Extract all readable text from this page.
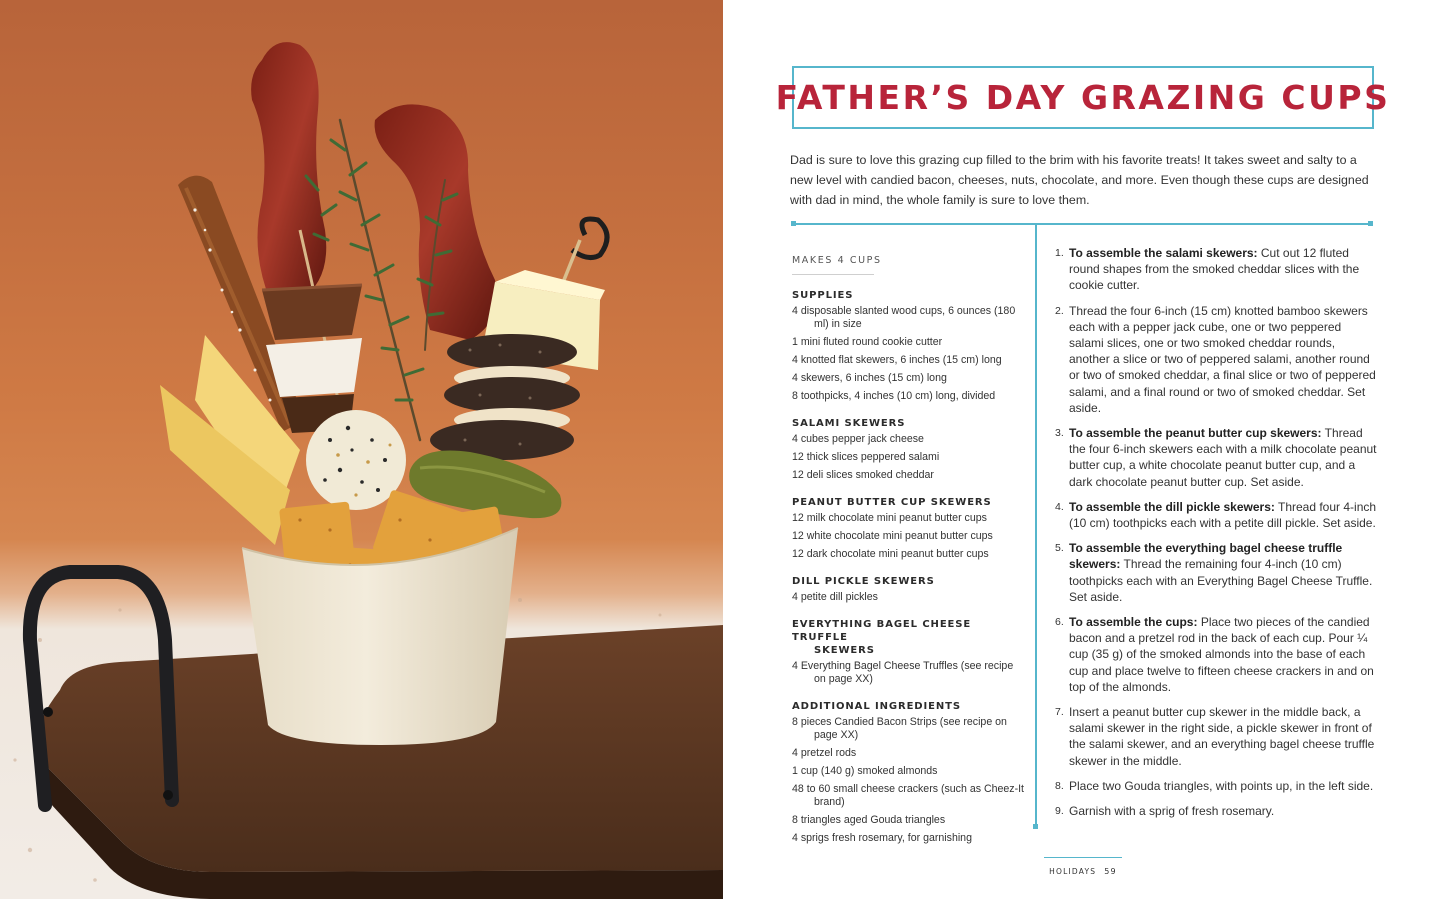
FATHER’S DAY GRAZING CUPS

Dad is sure to love this grazing cup filled to the brim with his favorite treats! It takes sweet and salty to a new level with candied bacon, cheeses, nuts, chocolate, and more. Even though these cups are designed with dad in mind, the whole family is sure to love them.

MAKES 4 CUPS
SUPPLIES
4 disposable slanted wood cups, 6 ounces (180 ml) in size
1 mini fluted round cookie cutter
4 knotted flat skewers, 6 inches (15 cm) long
4 skewers, 6 inches (15 cm) long
8 toothpicks, 4 inches (10 cm) long, divided
SALAMI SKEWERS
4 cubes pepper jack cheese
12 thick slices peppered salami
12 deli slices smoked cheddar
PEANUT BUTTER CUP SKEWERS
12 milk chocolate mini peanut butter cups
12 white chocolate mini peanut butter cups
12 dark chocolate mini peanut butter cups
DILL PICKLE SKEWERS
4 petite dill pickles
EVERYTHING BAGEL CHEESE TRUFFLE
SKEWERS
4 Everything Bagel Cheese Truffles (see recipe on page XX)
ADDITIONAL INGREDIENTS
8 pieces Candied Bacon Strips (see recipe on page XX)
4 pretzel rods
1 cup (140 g) smoked almonds
48 to 60 small cheese crackers (such as Cheez-It brand)
8 triangles aged Gouda triangles
4 sprigs fresh rosemary, for garnishing
1. To assemble the salami skewers: Cut out 12 fluted round shapes from the smoked cheddar slices with the cookie cutter.
2. Thread the four 6-inch (15 cm) knotted bamboo skewers each with a pepper jack cube, one or two peppered salami slices, one or two smoked cheddar rounds, another a slice or two of peppered salami, another round or two of smoked cheddar, a final slice or two of peppered salami, and a final round or two of smoked cheddar. Set aside.
3. To assemble the peanut butter cup skewers: Thread the four 6-inch skewers each with a milk chocolate peanut butter cup, a white chocolate peanut butter cup, and a dark chocolate peanut butter cup. Set aside.
4. To assemble the dill pickle skewers: Thread four 4-inch (10 cm) toothpicks each with a petite dill pickle. Set aside.
5. To assemble the everything bagel cheese truffle skewers: Thread the remaining four 4-inch (10 cm) toothpicks each with an Everything Bagel Cheese Truffle. Set aside.
6. To assemble the cups: Place two pieces of the candied bacon and a pretzel rod in the back of each cup. Pour ¼ cup (35 g) of the smoked almonds into the base of each cup and place twelve to fifteen cheese crackers in and on top of the almonds.
7. Insert a peanut butter cup skewer in the middle back, a salami skewer in the right side, a pickle skewer in front of the salami skewer, and an everything bagel cheese truffle skewer in the middle.
8. Place two Gouda triangles, with points up, in the left side.
9. Garnish with a sprig of fresh rosemary.
HOLIDAYS 59
